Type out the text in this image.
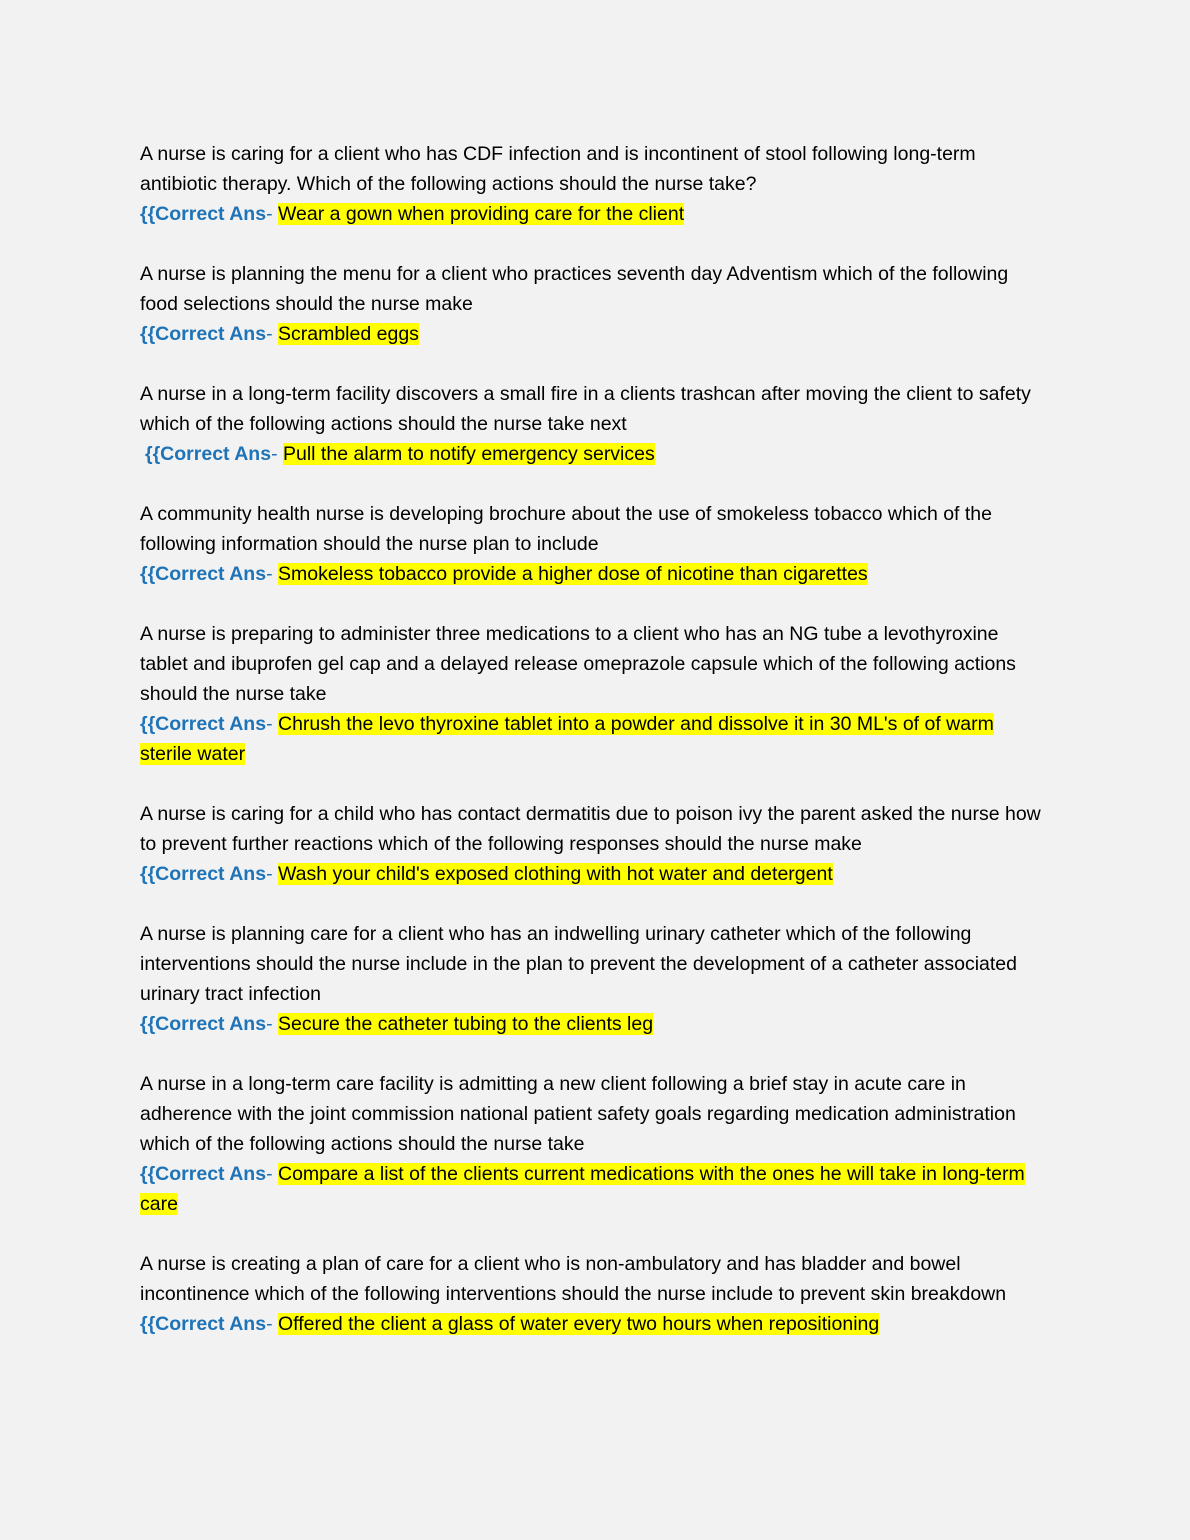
A nurse is caring for a client who has CDF infection and is incontinent of stool following long-term antibiotic therapy. Which of the following actions should the nurse take?

{{Correct Ans- Wear a gown when providing care for the client

A nurse is planning the menu for a client who practices seventh day Adventism which of the following food selections should the nurse make

{{Correct Ans- Scrambled eggs

A nurse in a long-term facility discovers a small fire in a clients trashcan after moving the client to safety which of the following actions should the nurse take next

{{Correct Ans- Pull the alarm to notify emergency services

A community health nurse is developing brochure about the use of smokeless tobacco which of the following information should the nurse plan to include

{{Correct Ans- Smokeless tobacco provide a higher dose of nicotine than cigarettes

A nurse is preparing to administer three medications to a client who has an NG tube a levothyroxine tablet and ibuprofen gel cap and a delayed release omeprazole capsule which of the following actions should the nurse take

{{Correct Ans- Chrush the levo thyroxine tablet into a powder and dissolve it in 30 ML's of of warm sterile water

A nurse is caring for a child who has contact dermatitis due to poison ivy the parent asked the nurse how to prevent further reactions which of the following responses should the nurse make

{{Correct Ans- Wash your child's exposed clothing with hot water and detergent

A nurse is planning care for a client who has an indwelling urinary catheter which of the following interventions should the nurse include in the plan to prevent the development of a catheter associated urinary tract infection

{{Correct Ans- Secure the catheter tubing to the clients leg

A nurse in a long-term care facility is admitting a new client following a brief stay in acute care in adherence with the joint commission national patient safety goals regarding medication administration which of the following actions should the nurse take

{{Correct Ans- Compare a list of the clients current medications with the ones he will take in long-term care

A nurse is creating a plan of care for a client who is non-ambulatory and has bladder and bowel incontinence which of the following interventions should the nurse include to prevent skin breakdown

{{Correct Ans- Offered the client a glass of water every two hours when repositioning
